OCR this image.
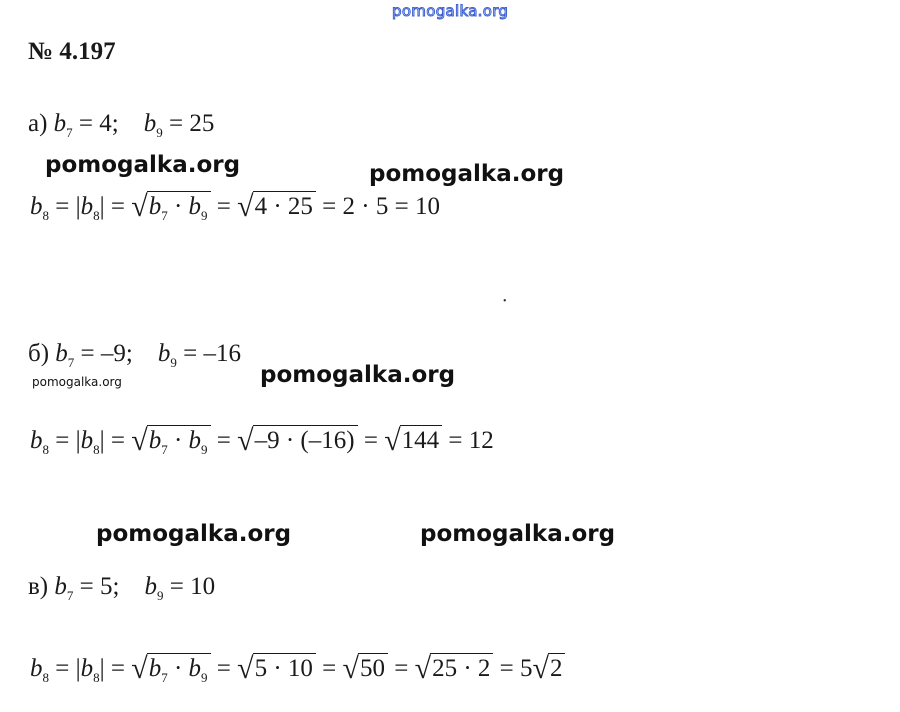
pomogalka.org
№ 4.197
а) $b_7 = 4$;    $b_9 = 25$
pomogalka.org	pomogalka.org
$b_8 = |b_8| = √b_7 \cdot b_9 = √4 \cdot 25 = 2 \cdot 5 = 10$
•
б) $b_7 = -9$;    $b_9 = -16$
pomogalka.org	pomogalka.org
$b_8 = |b_8| = √b_7 \cdot b_9 = √-9 \cdot (-16) = √144 = 12$
pomogalka.org	pomogalka.org
в) $b_7 = 5$;    $b_9 = 10$
$b_8 = |b_8| = √b_7 \cdot b_9 = √5 \cdot 10 = √50 = √25 \cdot 2 = 5√2$
